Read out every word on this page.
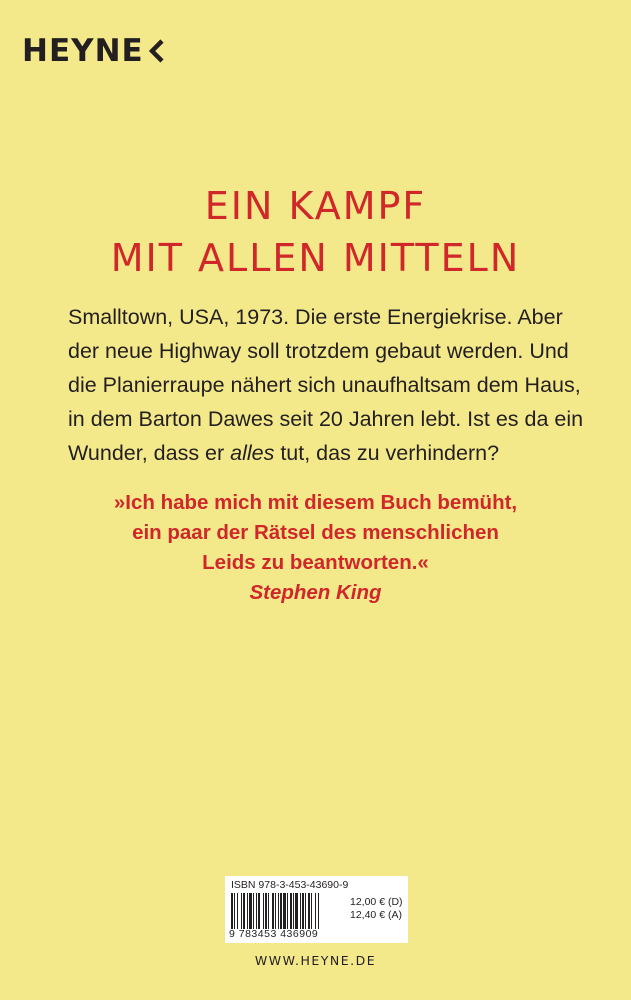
HEYNE
EIN KAMPF
MIT ALLEN MITTELN

Smalltown, USA, 1973. Die erste Energiekrise. Aber

der neue Highway soll trotzdem gebaut werden. Und

die Planierraupe nähert sich unaufhaltsam dem Haus,

in dem Barton Dawes seit 20 Jahren lebt. Ist es da ein

Wunder, dass er alles tut, das zu verhindern?

»Ich habe mich mit diesem Buch bemüht,

ein paar der Rätsel des menschlichen

Leids zu beantworten.«

Stephen King

ISBN 978-3-453-43690-9
9 783453 436909
12,00 € (D)
12,40 € (A)
WWW.HEYNE.DE
